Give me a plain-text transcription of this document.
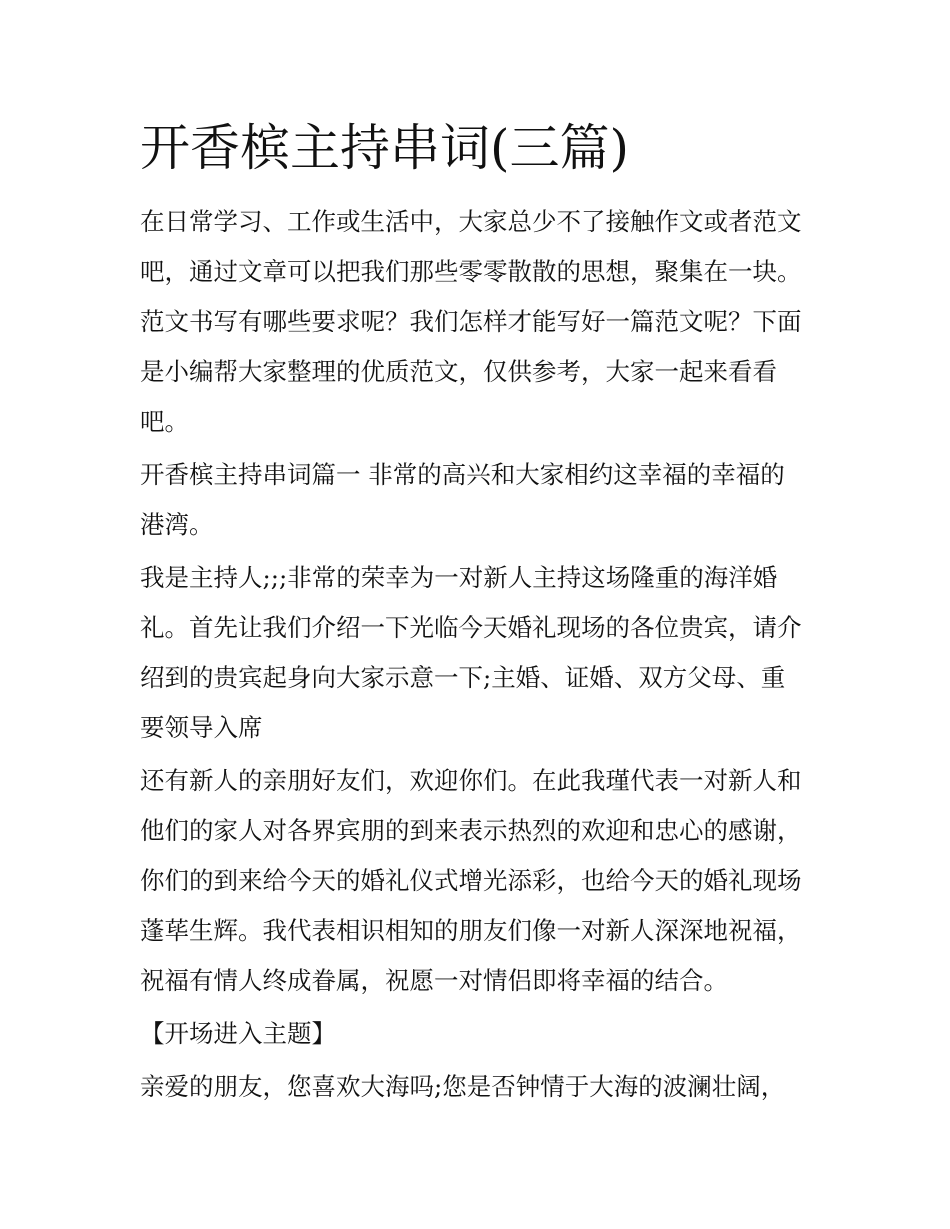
开香槟主持串词(三篇)
在日常学习、工作或生活中，大家总少不了接触作文或者范文
吧，通过文章可以把我们那些零零散散的思想，聚集在一块。
范文书写有哪些要求呢？我们怎样才能写好一篇范文呢？下面
是小编帮大家整理的优质范文，仅供参考，大家一起来看看
吧。
开香槟主持串词篇一 非常的高兴和大家相约这幸福的幸福的
港湾。
我是主持人;;;非常的荣幸为一对新人主持这场隆重的海洋婚
礼。首先让我们介绍一下光临今天婚礼现场的各位贵宾，请介
绍到的贵宾起身向大家示意一下;主婚、证婚、双方父母、重
要领导入席
还有新人的亲朋好友们，欢迎你们。在此我瑾代表一对新人和
他们的家人对各界宾朋的到来表示热烈的欢迎和忠心的感谢，
你们的到来给今天的婚礼仪式增光添彩，也给今天的婚礼现场
蓬荜生辉。我代表相识相知的朋友们像一对新人深深地祝福，
祝福有情人终成眷属，祝愿一对情侣即将幸福的结合。
【开场进入主题】
亲爱的朋友，您喜欢大海吗;您是否钟情于大海的波澜壮阔，
